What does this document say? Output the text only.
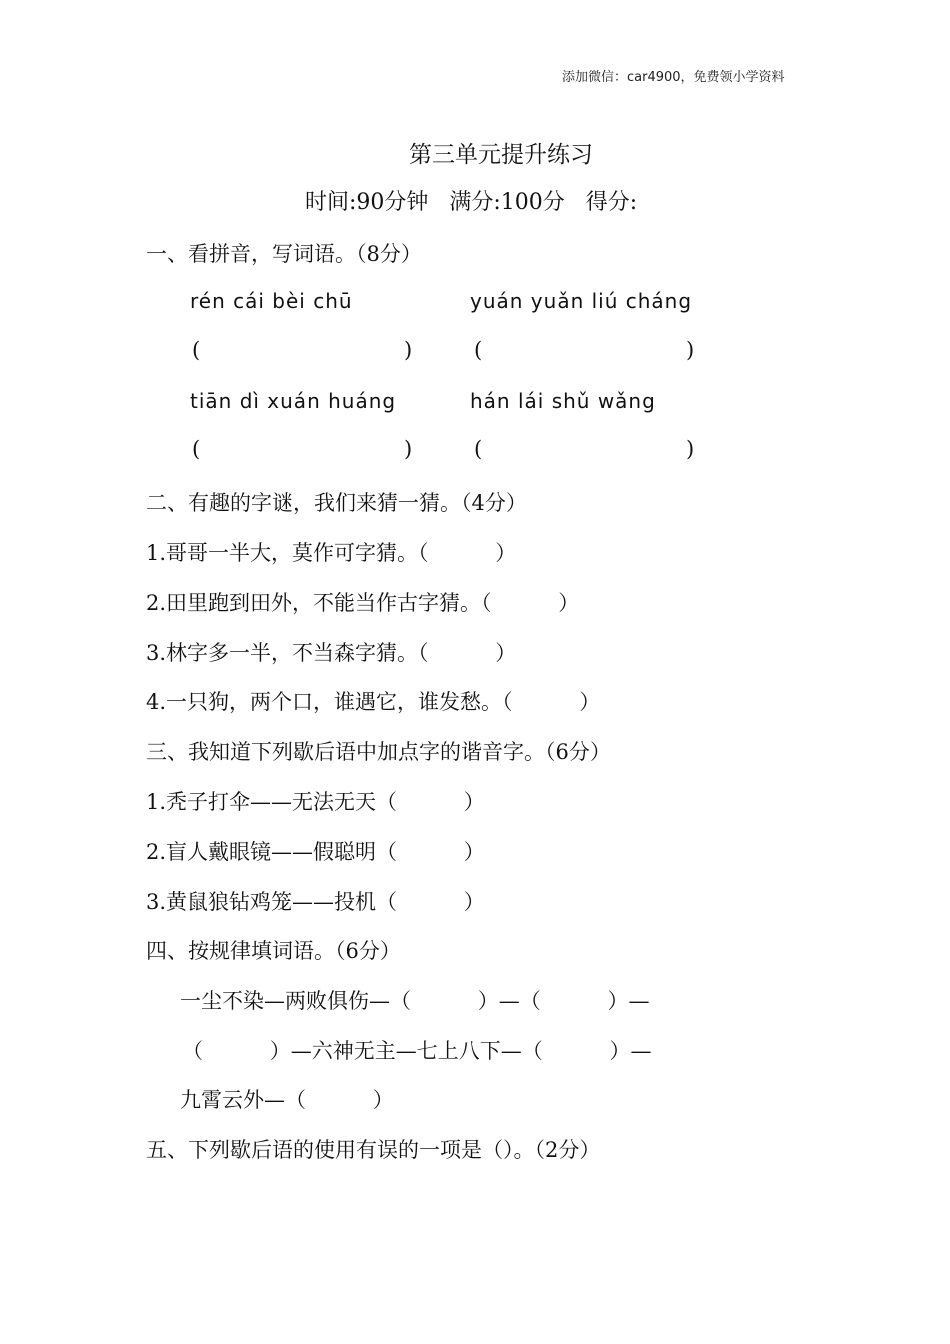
添加微信：car4900，免费领小学资料
第三单元提升练习
时间:90分钟   满分:100分   得分:
一、看拼音，写词语。（8分）
rén cái bèi chū	yuán yuǎn liú cháng
(	)	(	)
tiān dì xuán huáng	hán lái shǔ wǎng
(	)	(	)
二、有趣的字谜，我们来猜一猜。（4分）
1.哥哥一半大，莫作可字猜。（          ）
2.田里跑到田外，不能当作古字猜。（          ）
3.林字多一半，不当森字猜。（          ）
4.一只狗，两个口，谁遇它，谁发愁。（          ）
三、我知道下列歇后语中加点字的谐音字。（6分）
1.秃子打伞——无法无天（          ）
2.盲人戴眼镜——假聪明（          ）
3.黄鼠狼钻鸡笼——投机（          ）
四、按规律填词语。（6分）
一尘不染—两败俱伤—（          ）—（          ）—
（          ）—六神无主—七上八下—（          ）—
九霄云外—（          ）
五、下列歇后语的使用有误的一项是（）。（2分）
